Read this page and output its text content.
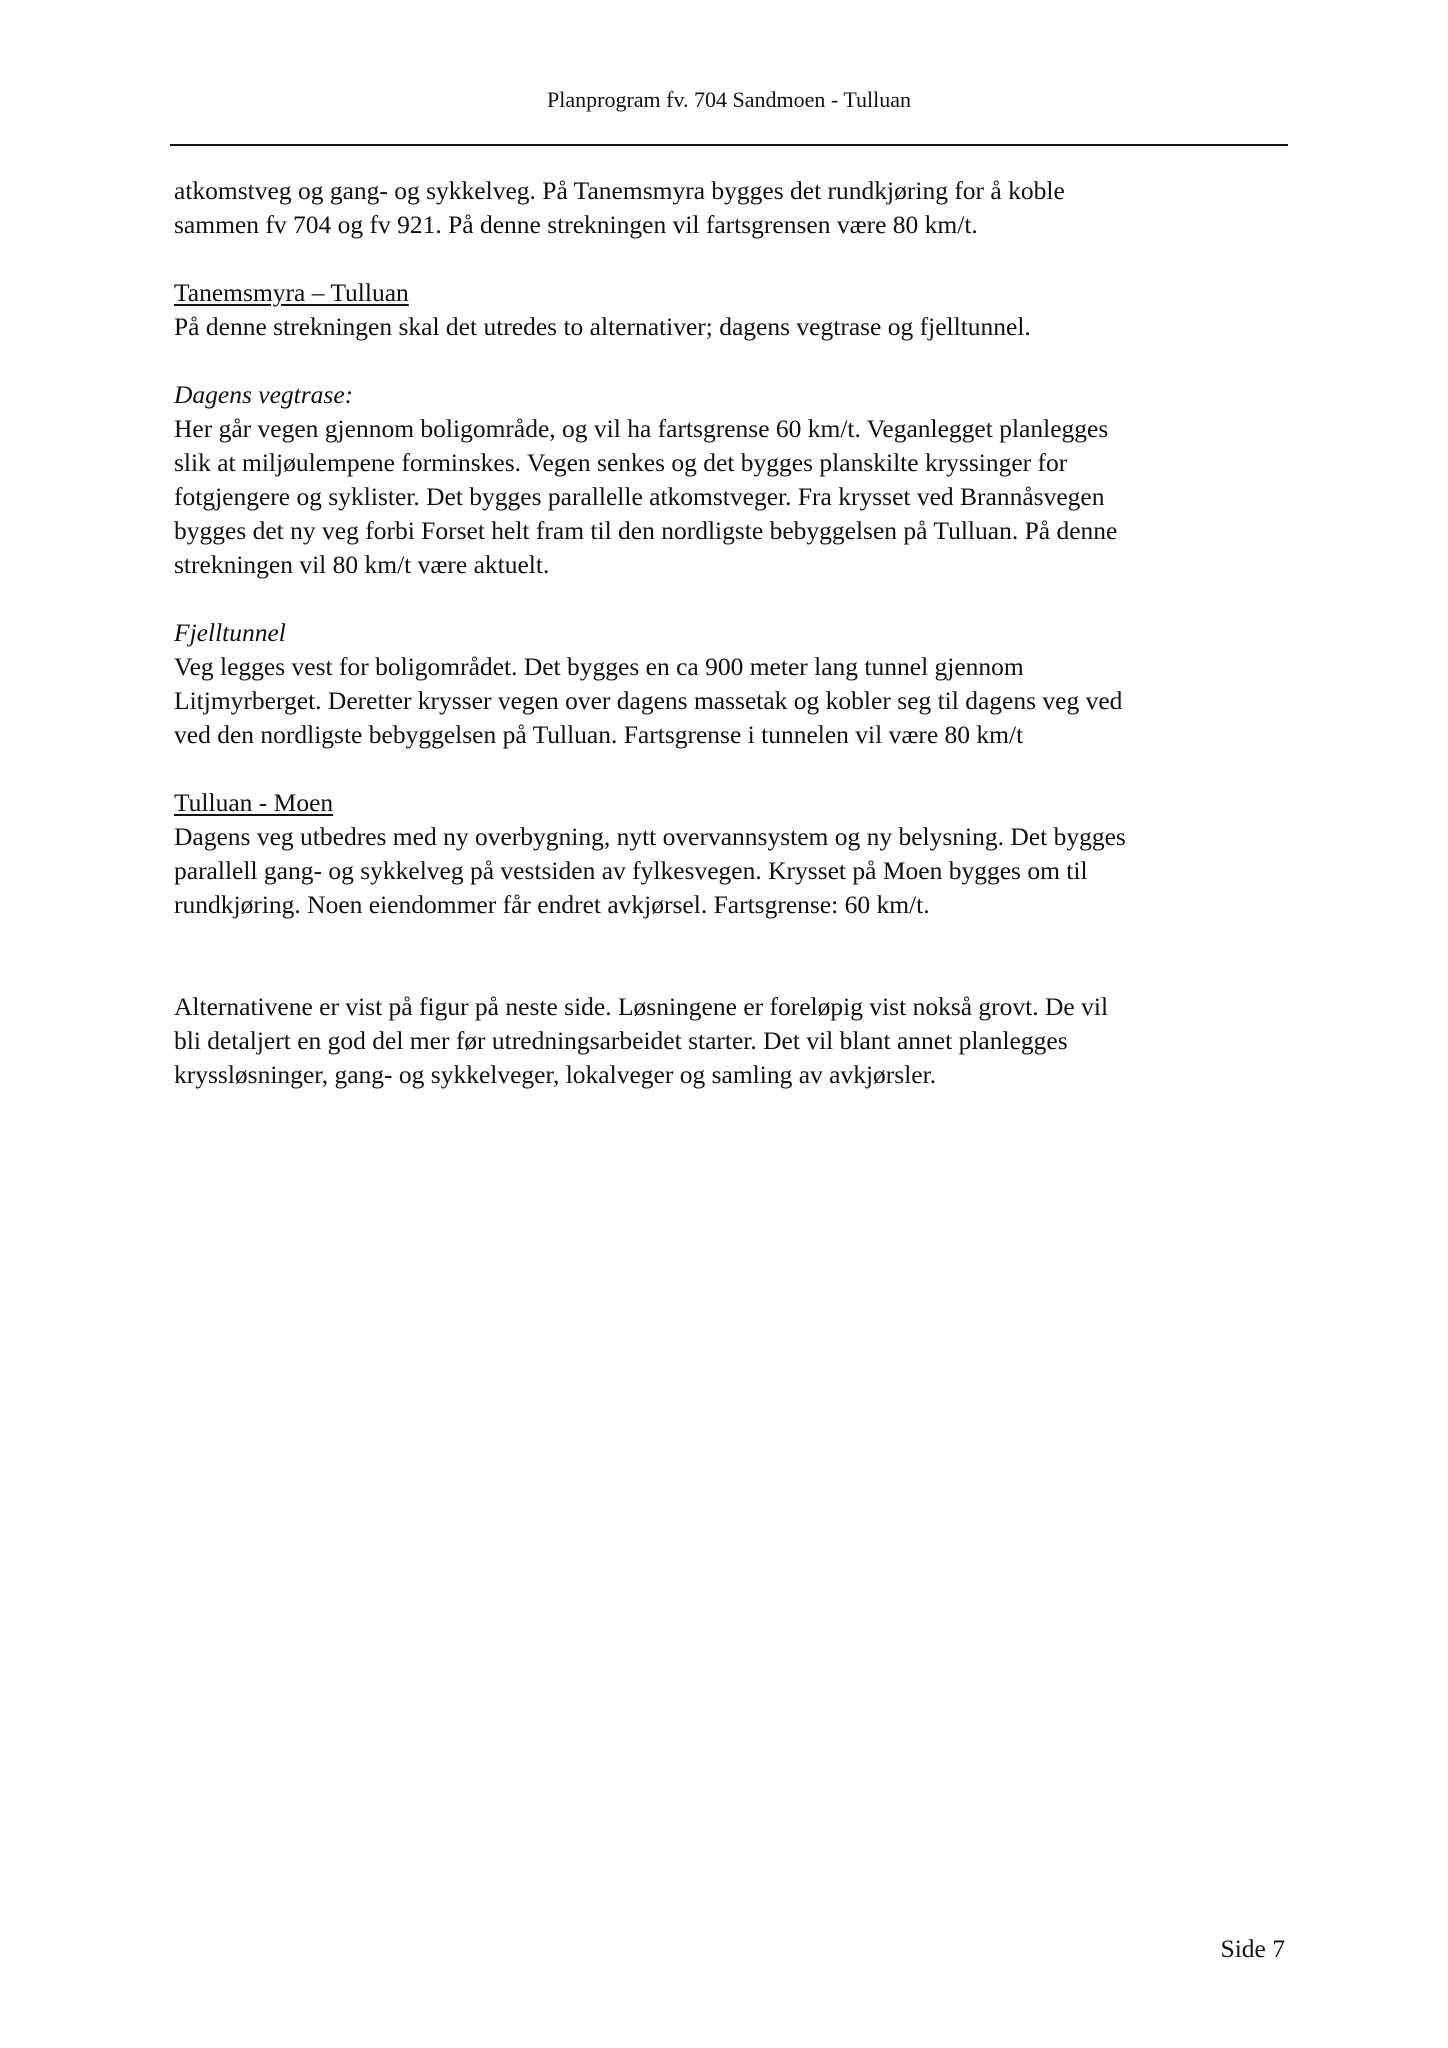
Planprogram fv. 704 Sandmoen - Tulluan

atkomstveg og gang- og sykkelveg. På Tanemsmyra bygges det rundkjøring for å koble

sammen fv 704 og fv 921. På denne strekningen vil fartsgrensen være 80 km/t.

Tanemsmyra – Tulluan

På denne strekningen skal det utredes to alternativer; dagens vegtrase og fjelltunnel.

Dagens vegtrase:

Her går vegen gjennom boligområde, og vil ha fartsgrense 60 km/t. Veganlegget planlegges

slik at miljøulempene forminskes. Vegen senkes og det bygges planskilte kryssinger for

fotgjengere og syklister. Det bygges parallelle atkomstveger. Fra krysset ved Brannåsvegen

bygges det ny veg forbi Forset helt fram til den nordligste bebyggelsen på Tulluan. På denne

strekningen vil 80 km/t være aktuelt.

Fjelltunnel

Veg legges vest for boligområdet. Det bygges en ca 900 meter lang tunnel gjennom

Litjmyrberget. Deretter krysser vegen over dagens massetak og kobler seg til dagens veg ved

ved den nordligste bebyggelsen på Tulluan. Fartsgrense i tunnelen vil være 80 km/t

Tulluan - Moen

Dagens veg utbedres med ny overbygning, nytt overvannsystem og ny belysning. Det bygges

parallell gang- og sykkelveg på vestsiden av fylkesvegen. Krysset på Moen bygges om til

rundkjøring. Noen eiendommer får endret avkjørsel. Fartsgrense: 60 km/t.

Alternativene er vist på figur på neste side. Løsningene er foreløpig vist nokså grovt. De vil

bli detaljert en god del mer før utredningsarbeidet starter. Det vil blant annet planlegges

kryssløsninger, gang- og sykkelveger, lokalveger og samling av avkjørsler.

Side 7
